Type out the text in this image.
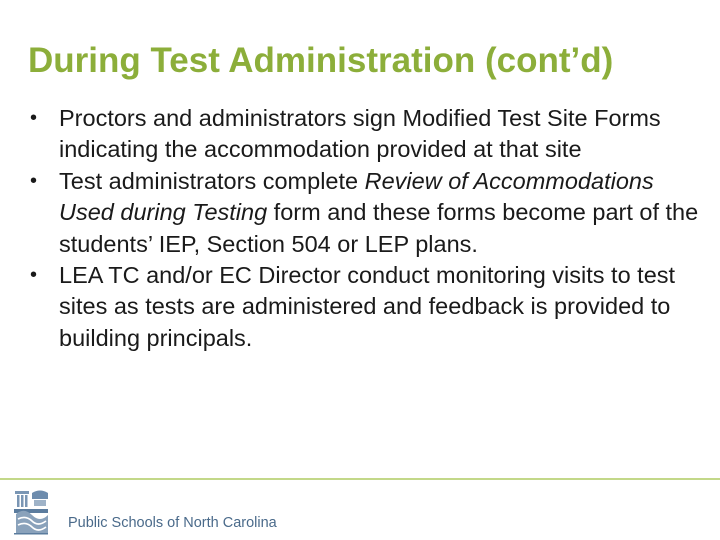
During Test Administration (cont’d)
• Proctors and administrators sign Modified Test Site Forms indicating the accommodation provided at that site
• Test administrators complete Review of Accommodations Used during Testing form and these forms become part of the students’ IEP, Section 504 or LEP plans.
• LEA TC and/or EC Director conduct monitoring visits to test sites as tests are administered and feedback is provided to building principals.
Public Schools of North Carolina
